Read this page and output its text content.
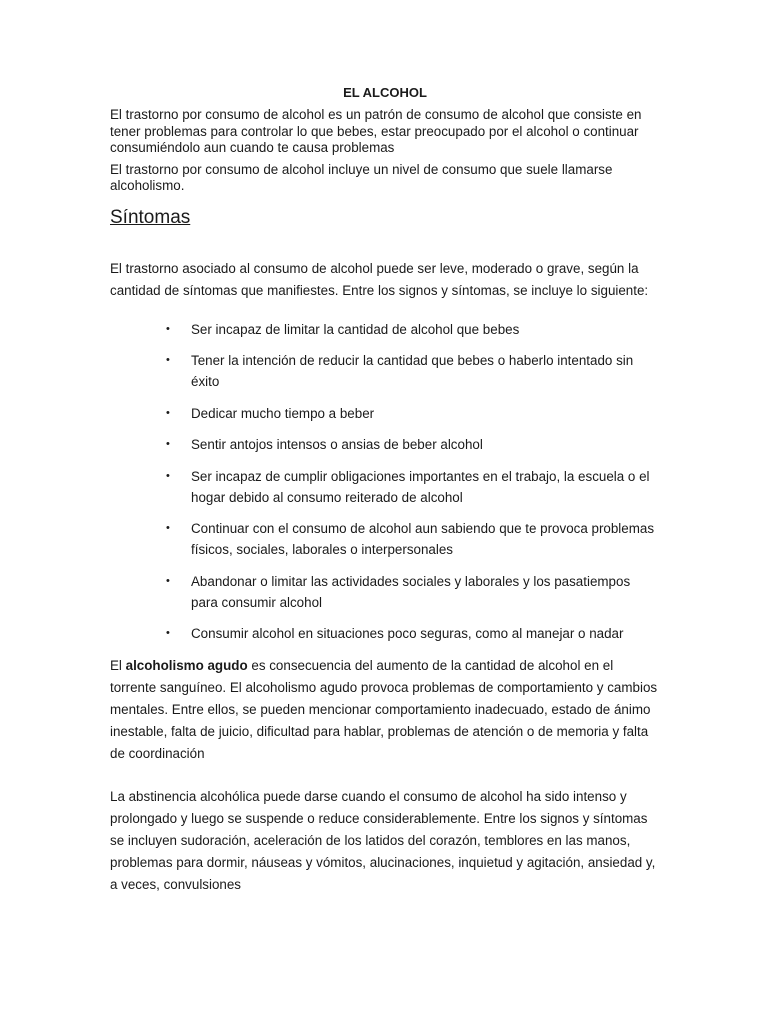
EL ALCOHOL

El trastorno por consumo de alcohol es un patrón de consumo de alcohol que consiste en tener problemas para controlar lo que bebes, estar preocupado por el alcohol o continuar consumiéndolo aun cuando te causa problemas

El trastorno por consumo de alcohol incluye un nivel de consumo que suele llamarse alcoholismo.

Síntomas

El trastorno asociado al consumo de alcohol puede ser leve, moderado o grave, según la cantidad de síntomas que manifiestes. Entre los signos y síntomas, se incluye lo siguiente:

• Ser incapaz de limitar la cantidad de alcohol que bebes
• Tener la intención de reducir la cantidad que bebes o haberlo intentado sin éxito
• Dedicar mucho tiempo a beber
• Sentir antojos intensos o ansias de beber alcohol
• Ser incapaz de cumplir obligaciones importantes en el trabajo, la escuela o el hogar debido al consumo reiterado de alcohol
• Continuar con el consumo de alcohol aun sabiendo que te provoca problemas físicos, sociales, laborales o interpersonales
• Abandonar o limitar las actividades sociales y laborales y los pasatiempos para consumir alcohol
• Consumir alcohol en situaciones poco seguras, como al manejar o nadar

El alcoholismo agudo es consecuencia del aumento de la cantidad de alcohol en el torrente sanguíneo. El alcoholismo agudo provoca problemas de comportamiento y cambios mentales. Entre ellos, se pueden mencionar comportamiento inadecuado, estado de ánimo inestable, falta de juicio, dificultad para hablar, problemas de atención o de memoria y falta de coordinación

La abstinencia alcohólica puede darse cuando el consumo de alcohol ha sido intenso y prolongado y luego se suspende o reduce considerablemente. Entre los signos y síntomas se incluyen sudoración, aceleración de los latidos del corazón, temblores en las manos, problemas para dormir, náuseas y vómitos, alucinaciones, inquietud y agitación, ansiedad y, a veces, convulsiones
